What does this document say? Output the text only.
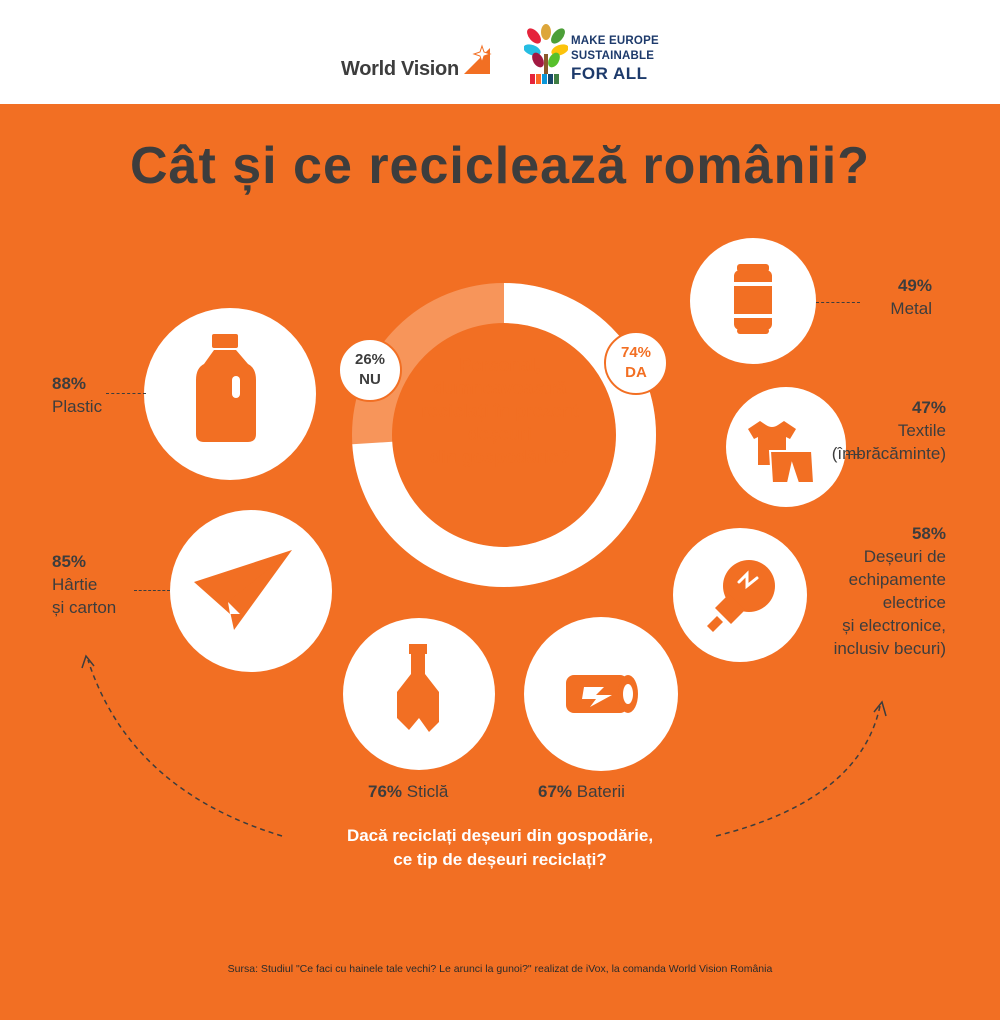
World Vision
MAKE EUROPE
SUSTAINABLE
FOR ALL
Cât și ce reciclează românii?
Personal,
dumneavoastră
reciclați în prezent
deșeuri
din gospodărie?
26%
NU
74%
DA
49%
Metal
88%
Plastic	47%
Textile
(îmbrăcăminte)
85%
Hârtie
și carton
58%
Deșeuri de
echipamente
electrice
și electronice,
inclusiv becuri)
76% Sticlă	67% Baterii
Dacă reciclați deșeuri din gospodărie,
ce tip de deșeuri reciclați?
Sursa: Studiul "Ce faci cu hainele tale vechi? Le arunci la gunoi?" realizat de iVox, la comanda World Vision România
